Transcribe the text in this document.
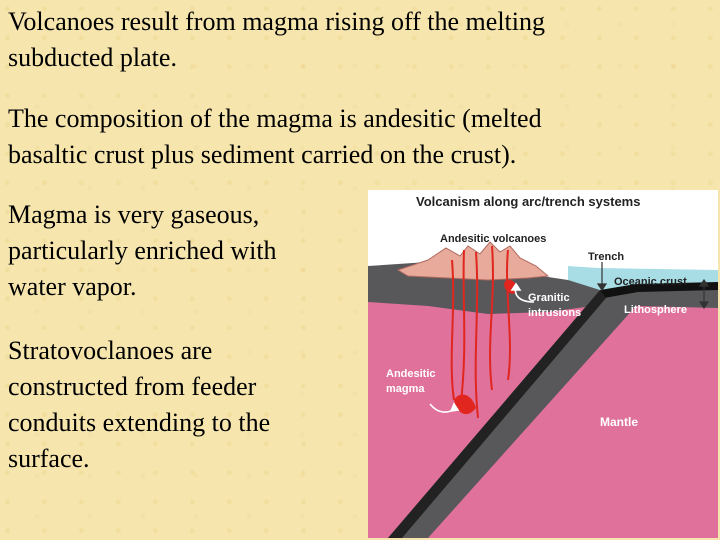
Volcanoes result from magma rising off the melting
subducted plate.

The composition of the magma is andesitic (melted
basaltic crust plus sediment carried on the crust).

Magma is very gaseous,
particularly enriched with
water vapor.

Stratovoclanoes are
constructed from feeder
conduits extending to the
surface.

Volcanism along arc/trench systems
Andesitic volcanoes
Trench
Oceanic crust
Granitic
intrusions	Lithosphere
Andesitic
magma
Mantle
